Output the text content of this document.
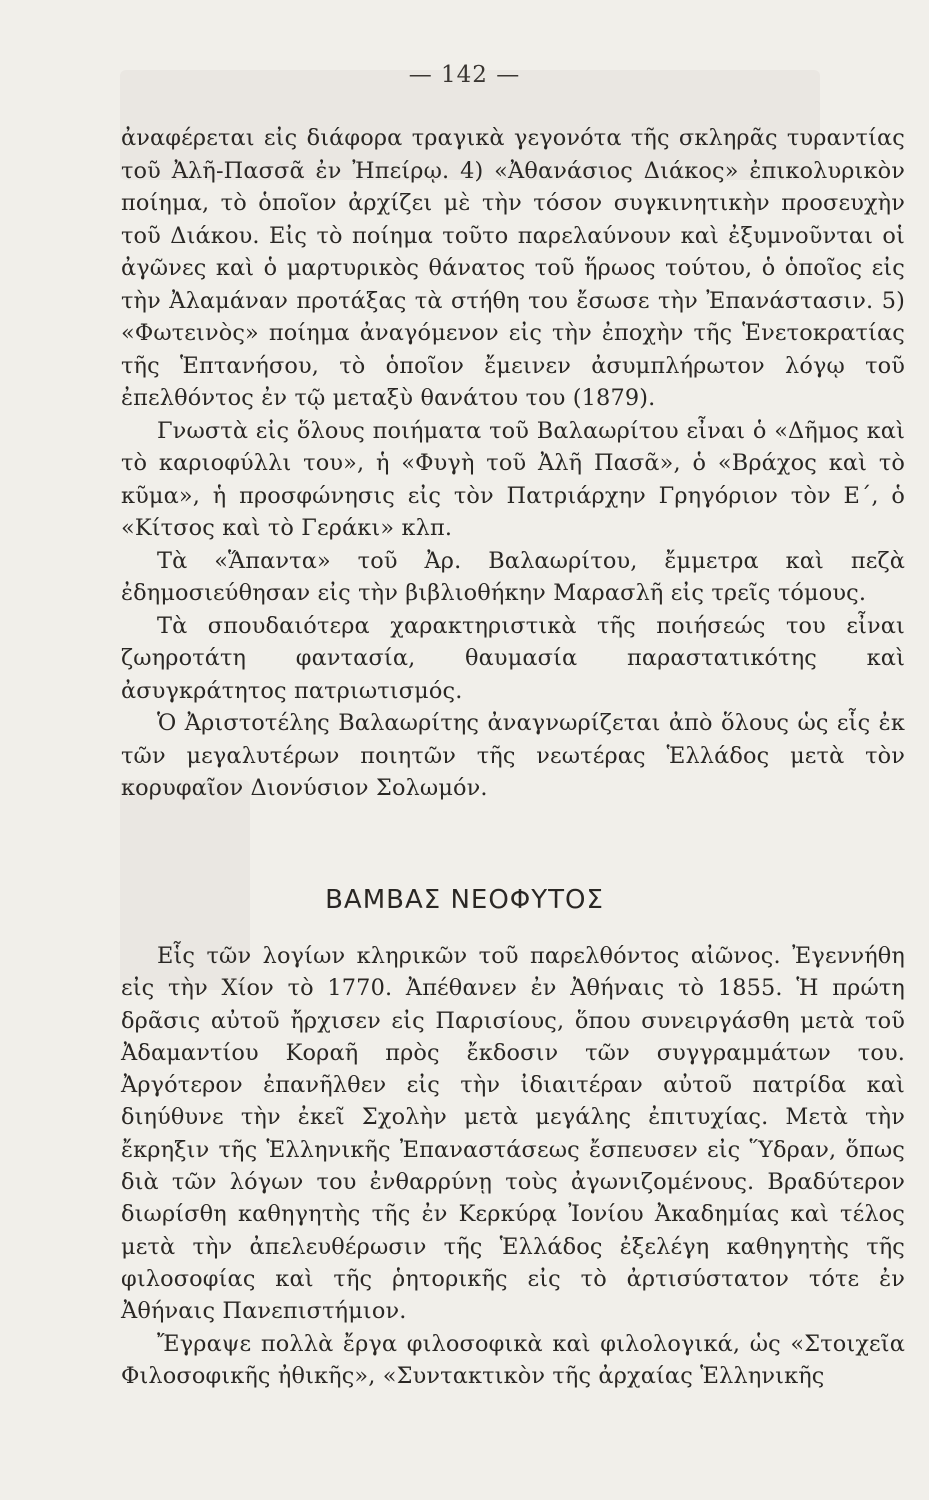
— 142 —

ἀναφέρεται εἰς διάφορα τραγικὰ γεγονότα τῆς σκληρᾶς τυραντίας τοῦ Ἀλῆ-Πασσᾶ ἐν Ἠπείρῳ. 4) «Ἀθανάσιος Διάκος» ἐπικολυρικὸν ποίημα, τὸ ὁποῖον ἀρχίζει μὲ τὴν τόσον συγκινητικὴν προσευχὴν τοῦ Διάκου. Εἰς τὸ ποίημα τοῦτο παρελαύνουν καὶ ἐξυμνοῦνται οἱ ἀγῶνες καὶ ὁ μαρτυρικὸς θάνατος τοῦ ἥρωος τούτου, ὁ ὁποῖος εἰς τὴν Ἀλαμάναν προτάξας τὰ στήθη του ἔσωσε τὴν Ἐπανάστασιν. 5) «Φωτεινὸς» ποίημα ἀναγόμενον εἰς τὴν ἐποχὴν τῆς Ἑνετοκρατίας τῆς Ἑπτανήσου, τὸ ὁποῖον ἔμεινεν ἀσυμπλήρωτον λόγῳ τοῦ ἐπελθόντος ἐν τῷ μεταξὺ θανάτου του (1879).

Γνωστὰ εἰς ὅλους ποιήματα τοῦ Βαλαωρίτου εἶναι ὁ «Δῆμος καὶ τὸ καριοφύλλι του», ἡ «Φυγὴ τοῦ Ἀλῆ Πασᾶ», ὁ «Βράχος καὶ τὸ κῦμα», ἡ προσφώνησις εἰς τὸν Πατριάρχην Γρηγόριον τὸν Ε΄, ὁ «Κίτσος καὶ τὸ Γεράκι» κλπ.

Τὰ «Ἅπαντα» τοῦ Ἀρ. Βαλαωρίτου, ἔμμετρα καὶ πεζὰ ἐδημοσιεύθησαν εἰς τὴν βιβλιοθήκην Μαρασλῆ εἰς τρεῖς τόμους.

Τὰ σπουδαιότερα χαρακτηριστικὰ τῆς ποιήσεώς του εἶναι ζωηροτάτη φαντασία, θαυμασία παραστατικότης καὶ ἀσυγκράτητος πατριωτισμός.

Ὁ Ἀριστοτέλης Βαλαωρίτης ἀναγνωρίζεται ἀπὸ ὅλους ὡς εἷς ἐκ τῶν μεγαλυτέρων ποιητῶν τῆς νεωτέρας Ἑλλάδος μετὰ τὸν κορυφαῖον Διονύσιον Σολωμόν.

ΒΑΜΒΑΣ ΝΕΟΦΥΤΟΣ

Εἷς τῶν λογίων κληρικῶν τοῦ παρελθόντος αἰῶνος. Ἐγεννήθη εἰς τὴν Χίον τὸ 1770. Ἀπέθανεν ἐν Ἀθήναις τὸ 1855. Ἡ πρώτη δρᾶσις αὐτοῦ ἤρχισεν εἰς Παρισίους, ὅπου συνειργάσθη μετὰ τοῦ Ἀδαμαντίου Κοραῆ πρὸς ἔκδοσιν τῶν συγγραμμάτων του. Ἀργότερον ἐπανῆλθεν εἰς τὴν ἰδιαιτέραν αὐτοῦ πατρίδα καὶ διηύθυνε τὴν ἐκεῖ Σχολὴν μετὰ μεγάλης ἐπιτυχίας. Μετὰ τὴν ἔκρηξιν τῆς Ἑλληνικῆς Ἐπαναστάσεως ἔσπευσεν εἰς Ὕδραν, ὅπως διὰ τῶν λόγων του ἐνθαρρύνῃ τοὺς ἀγωνιζομένους. Βραδύτερον διωρίσθη καθηγητὴς τῆς ἐν Κερκύρᾳ Ἰονίου Ἀκαδημίας καὶ τέλος μετὰ τὴν ἀπελευθέρωσιν τῆς Ἑλλάδος ἐξελέγη καθηγητὴς τῆς φιλοσοφίας καὶ τῆς ῥητορικῆς εἰς τὸ ἀρτισύστατον τότε ἐν Ἀθήναις Πανεπιστήμιον.

Ἔγραψε πολλὰ ἔργα φιλοσοφικὰ καὶ φιλολογικά, ὡς «Στοιχεῖα Φιλοσοφικῆς ἠθικῆς», «Συντακτικὸν τῆς ἀρχαίας Ἑλληνικῆς
